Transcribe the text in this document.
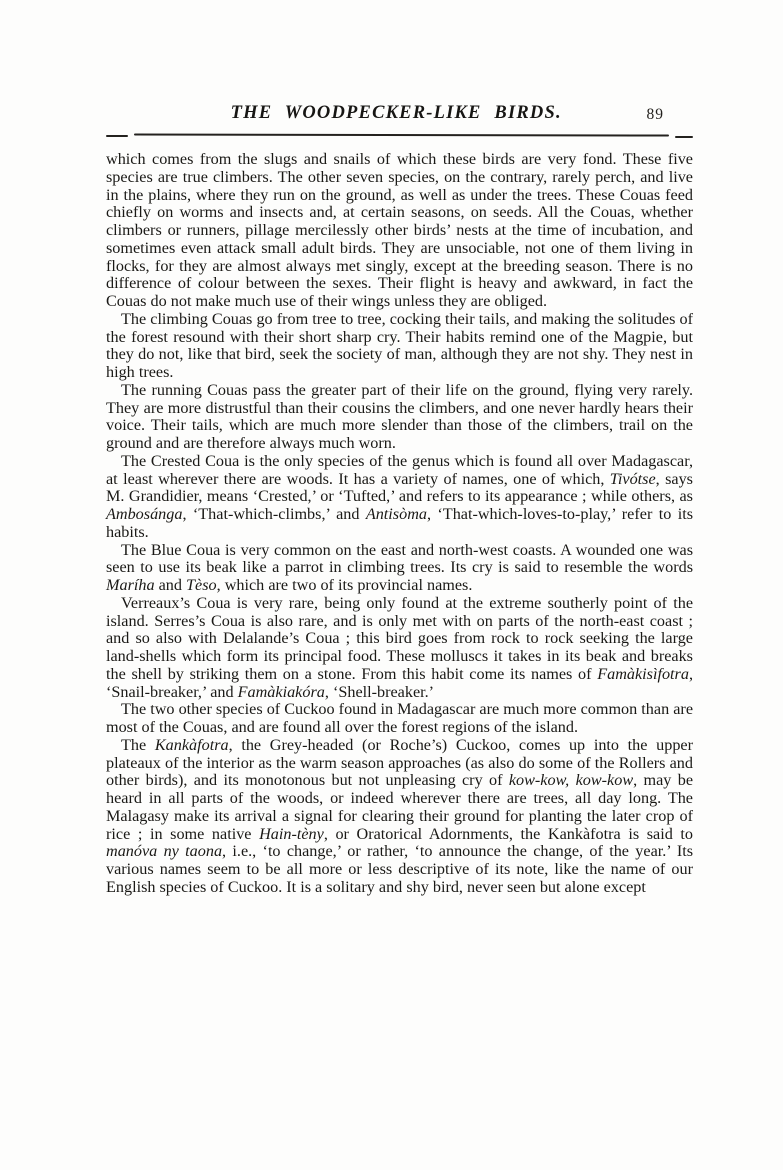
THE WOODPECKER-LIKE BIRDS.	89

which comes from the slugs and snails of which these birds are very fond. These five species are true climbers. The other seven species, on the contrary, rarely perch, and live in the plains, where they run on the ground, as well as under the trees. These Couas feed chiefly on worms and insects and, at certain seasons, on seeds. All the Couas, whether climbers or runners, pillage mercilessly other birds’ nests at the time of incubation, and sometimes even attack small adult birds. They are unsociable, not one of them living in flocks, for they are almost always met singly, except at the breeding season. There is no difference of colour between the sexes. Their flight is heavy and awkward, in fact the Couas do not make much use of their wings unless they are obliged.

The climbing Couas go from tree to tree, cocking their tails, and making the solitudes of the forest resound with their short sharp cry. Their habits remind one of the Magpie, but they do not, like that bird, seek the society of man, although they are not shy. They nest in high trees.

The running Couas pass the greater part of their life on the ground, flying very rarely. They are more distrustful than their cousins the climbers, and one never hardly hears their voice. Their tails, which are much more slender than those of the climbers, trail on the ground and are therefore always much worn.

The Crested Coua is the only species of the genus which is found all over Madagascar, at least wherever there are woods. It has a variety of names, one of which, Tivótse, says M. Grandidier, means ‘Crested,’ or ‘Tufted,’ and refers to its appearance ; while others, as Ambosánga, ‘That-which-climbs,’ and Antisòma, ‘That-which-loves-to-play,’ refer to its habits.

The Blue Coua is very common on the east and north-west coasts. A wounded one was seen to use its beak like a parrot in climbing trees. Its cry is said to resemble the words Maríha and Tèso, which are two of its provincial names.

Verreaux’s Coua is very rare, being only found at the extreme southerly point of the island. Serres’s Coua is also rare, and is only met with on parts of the north-east coast ; and so also with Delalande’s Coua ; this bird goes from rock to rock seeking the large land-shells which form its principal food. These molluscs it takes in its beak and breaks the shell by striking them on a stone. From this habit come its names of Famàkisìfotra, ‘Snail-breaker,’ and Famàkiakóra, ‘Shell-breaker.’

The two other species of Cuckoo found in Madagascar are much more common than are most of the Couas, and are found all over the forest regions of the island.

The Kankàfotra, the Grey-headed (or Roche’s) Cuckoo, comes up into the upper plateaux of the interior as the warm season approaches (as also do some of the Rollers and other birds), and its monotonous but not unpleasing cry of kow-kow, kow-kow, may be heard in all parts of the woods, or indeed wherever there are trees, all day long. The Malagasy make its arrival a signal for clearing their ground for planting the later crop of rice ; in some native Hain-tèny, or Oratorical Adornments, the Kankàfotra is said to manóva ny taona, i.e., ‘to change,’ or rather, ‘to announce the change, of the year.’ Its various names seem to be all more or less descriptive of its note, like the name of our English species of Cuckoo. It is a solitary and shy bird, never seen but alone except
